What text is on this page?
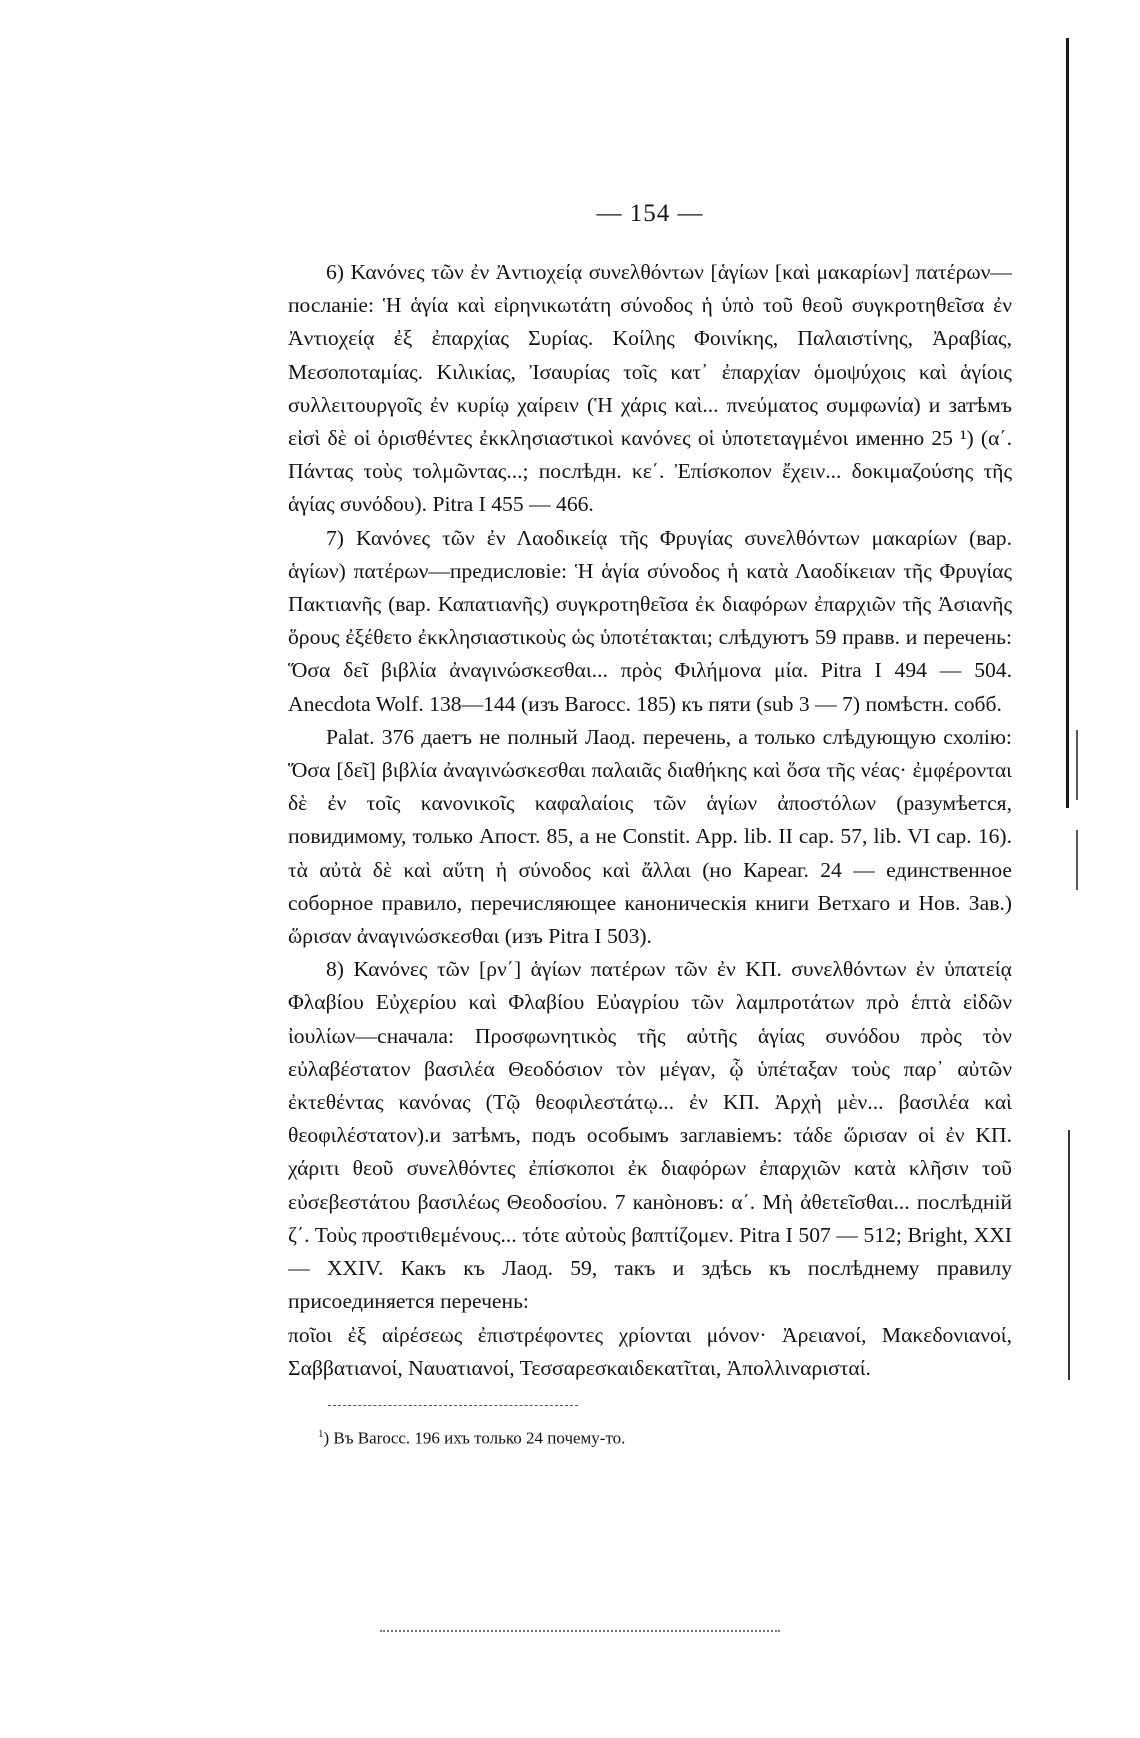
— 154 —

6) Κανόνες τῶν ἐν Ἀντιοχείᾳ συνελθόντων [ἁγίων [καὶ μακαρίων] πατέρων—посланіе: Ἡ ἁγία καὶ εἰρηνικωτάτη σύνοδος ἡ ὑπὸ τοῦ θεοῦ συγκροτηθεῖσα ἐν Ἀντιοχείᾳ ἐξ ἐπαρχίας Συρίας. Κοίλης Φοινίκης, Παλαιστίνης, Ἀραβίας, Μεσοποταμίας. Κιλικίας, Ἰσαυρίας τοῖς κατ᾽ ἐπαρχίαν ὁμοψύχοις καὶ ἁγίοις συλλειτουργοῖς ἐν κυρίῳ χαίρειν (Ἡ χάρις καὶ... πνεύματος συμφωνία) и затѣмъ εἰσὶ δὲ οἱ ὁρισθέντες ἐκκλησιαστικοὶ κανόνες οἱ ὑποτεταγμένοι именно 25 ¹) (α΄. Πάντας τοὺς τολμῶντας...; послѣдн. κε΄. Ἐπίσκοπον ἔχειν... δοκιμαζούσης τῆς ἁγίας συνόδου). Pitra I 455 — 466.

7) Κανόνες τῶν ἐν Λαοδικείᾳ τῆς Φρυγίας συνελθόντων μακαρίων (вар. ἁγίων) πατέρων—предисловіе: Ἡ ἁγία σύνοδος ἡ κατὰ Λαοδίκειαν τῆς Φρυγίας Πακτιανῆς (вар. Καπατιανῆς) συγκροτηθεῖσα ἐκ διαφόρων ἐπαρχιῶν τῆς Ἀσιανῆς ὅρους ἐξέθετο ἐκκλησιαστικοὺς ὡς ὑποτέτακται; слѣдуютъ 59 правв. и перечень: Ὅσα δεῖ βιβλία ἀναγινώσκεσθαι... πρὸς Φιλήμονα μία. Pitra I 494 — 504. Anecdota Wolf. 138—144 (изъ Barocc. 185) къ пяти (sub 3 — 7) помѣстн. cобб.

Palat. 376 даетъ не полный Лаод. перечень, а только слѣдующую схолію: Ὅσα [δεῖ] βιβλία ἀναγινώσκεσθαι παλαιᾶς διαθήκης καὶ ὅσα τῆς νέας· ἐμφέρονται δὲ ἐν τοῖς κανονικοῖς καφαλαίοις τῶν ἁγίων ἀποστόλων (разумѣется, повидимому, только Апост. 85, а не Constit. App. lib. II cap. 57, lib. VI cap. 16). τὰ αὐτὰ δὲ καὶ αὕτη ἡ σύνοδος καὶ ἄλλαι (но Кареаг. 24 — единственное соборное правило, перечисляющее каноническія книги Ветхаго и Нов. Зав.) ὥρισαν ἀναγινώσκεσθαι (изъ Pitra I 503).

8) Κανόνες τῶν [ρν΄] ἁγίων πατέρων τῶν ἐν ΚΠ. συνελθόντων ἐν ὑπατείᾳ Φλαβίου Εὐχερίου καὶ Φλαβίου Εὐαγρίου τῶν λαμπροτάτων πρὸ ἑπτὰ εἰδῶν ἰουλίων—сначала: Προσφωνητικὸς τῆς αὐτῆς ἁγίας συνόδου πρὸς τὸν εὐλαβέστατον βασιλέα Θεοδόσιον τὸν μέγαν, ᾧ ὑπέταξαν τοὺς παρ᾽ αὐτῶν ἐκτεθέντας κανόνας (Τῷ θεοφιλεστάτῳ... ἐν ΚΠ. Ἀρχὴ μὲν... βασιλέα καὶ θεοφιλέστατον).и затѣмъ, подъ особымъ заглавіемъ: τάδε ὥρισαν οἱ ἐν ΚΠ. χάριτι θεοῦ συνελθόντες ἐπίσκοποι ἐκ διαφόρων ἐπαρχιῶν κατὰ κλῆσιν τοῦ εὐσεβεστάτου βασιλέως Θεοδοσίου. 7 канòновъ: α΄. Μὴ ἀθετεῖσθαι... послѣдній ζ΄. Τοὺς προστιθεμένους... τότε αὐτοὺς βαπτίζομεν. Pitra I 507 — 512; Bright, XXI— XXIV. Какъ къ Лаод. 59, такъ и здѣсь къ послѣднему правилу присоединяется перечень:

ποῖοι ἐξ αἱρέσεως ἐπιστρέφοντες χρίονται μόνον· Ἀρειανοί, Μακεδονιανοί, Σαββατιανοί, Ναυατιανοί, Τεσσαρεσκαιδεκατῖται, Ἀπολλιναρισταί.

$^1$) Въ Barocc. 196 ихъ только 24 почему-то.
